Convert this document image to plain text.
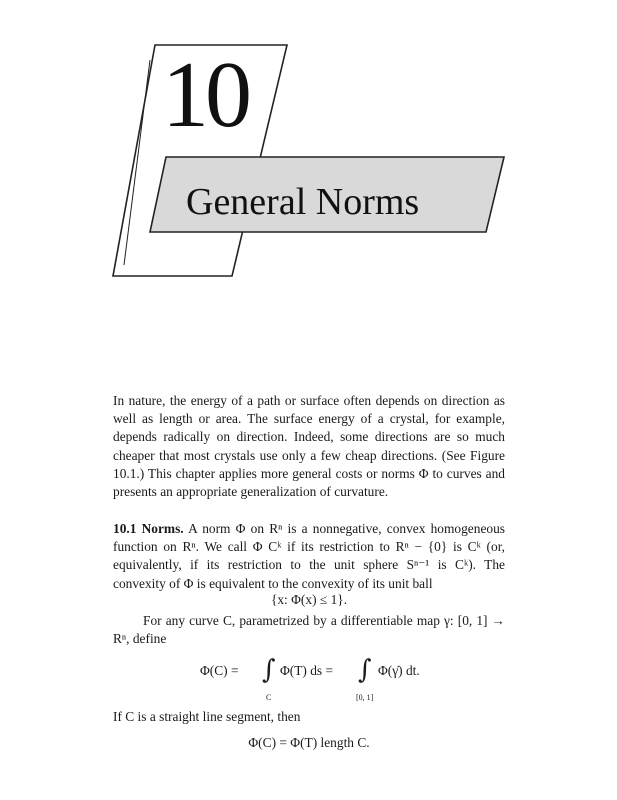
10
General Norms
In nature, the energy of a path or surface often depends on direction as well as length or area. The surface energy of a crystal, for example, depends radically on direction. Indeed, some directions are so much cheaper that most crystals use only a few cheap directions. (See Figure 10.1.) This chapter applies more general costs or norms Φ to curves and presents an appropriate generalization of curvature.
10.1 Norms. A norm Φ on Rⁿ is a nonnegative, convex homogeneous function on Rⁿ. We call Φ Cᵏ if its restriction to Rⁿ − {0} is Cᵏ (or, equivalently, if its restriction to the unit sphere Sⁿ⁻¹ is Cᵏ). The convexity of Φ is equivalent to the convexity of its unit ball
{x: Φ(x) ≤ 1}.

For any curve C, parametrized by a differentiable map γ: [0, 1] → Rⁿ, define

Φ(C) = ∫ Φ(T) ds = ∫ Φ(γ̇) dt.
C	[0, 1]
If C is a straight line segment, then
Φ(C) = Φ(T) length C.
